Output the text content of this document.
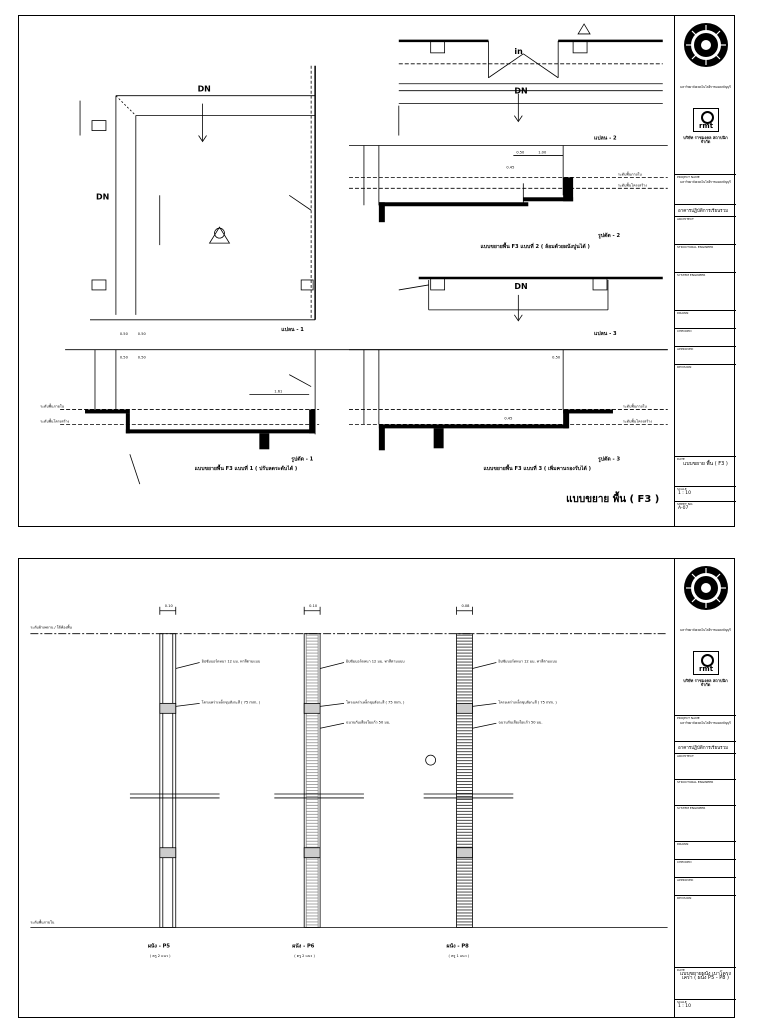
DN
DN
in
DN
DN
0.50	0.50
0.50	0.50
1.61
0.50	1.00
0.45
0.45
0.50
ระดับพื้นภายใน
ระดับพื้นโครงสร้าง
ระดับพื้นภายใน
ระดับพื้นโครงสร้าง
ระดับพื้นภายใน
ระดับพื้นโครงสร้าง
แปลน - 1
แปลน - 2
แปลน - 3
รูปตัด - 1
แบบขยายพื้น F3 แบบที่ 1 ( ปรับลดระดับได้ )
รูปตัด - 2
แบบขยายพื้น F3 แบบที่ 2 ( ล้อมด้วยผนังปูนได้ )
รูปตัด - 3
แบบขยายพื้น F3 แบบที่ 3 ( เพิ่มคานรองรับได้ )
แบบขยาย พื้น ( F3 )
มหาวิทยาลัยเทคโนโลยีราชมงคลธัญบุรี
rmt
บริษัท ราชมงคล สถาปนิก จำกัด
PROJECT NAME
มหาวิทยาลัยเทคโนโลยีราชมงคลธัญบุรี
อาคารปฏิบัติการเรียนรวม
ARCHITECT
STRUCTURAL ENGINEER
SYSTEM ENGINEER
DRAWN
CHECKED
APPROVED
REVISION
DATE
แบบขยาย พื้น ( F3 )
SCALE
1 : 10
SHEET NO.
A-07
0.10	0.10	0.08
ระดับฝ้าเพดาน / ใต้ท้องพื้น
ระดับพื้นภายใน
ยิปซัมบอร์ดหนา 12 มม. ทาสีตามแบบ
โครงเคร่าเหล็กชุบสังกะสี ( 75 mm. )
ยิปซัมบอร์ดหนา 12 มม. ทาสีตามแบบ
โครงเคร่าเหล็กชุบสังกะสี ( 75 mm. )
ฉนวนกันเสียงใยแก้ว 50 มม.
ยิปซัมบอร์ดหนา 12 มม. ทาสีตามแบบ
โครงเคร่าเหล็กชุบสังกะสี ( 75 mm. )
ฉนวนกันเสียงใยแก้ว 50 มม.
ผนัง - P5
( ตรู 2 แนว )
ผนัง - P6
( ตรู 2 แนว )
ผนัง - P8
( ตรู 1 แนว )
มหาวิทยาลัยเทคโนโลยีราชมงคลธัญบุรี
rmt
บริษัท ราชมงคล สถาปนิก จำกัด
PROJECT NAME
มหาวิทยาลัยเทคโนโลยีราชมงคลธัญบุรี
อาคารปฏิบัติการเรียนรวม
ARCHITECT
STRUCTURAL ENGINEER
SYSTEM ENGINEER
DRAWN
CHECKED
APPROVED
REVISION
DATE
แบบขยายผนัง เบาโครงเคร่า ( ผนัง P5 - P8 )
SCALE
1 : 10
